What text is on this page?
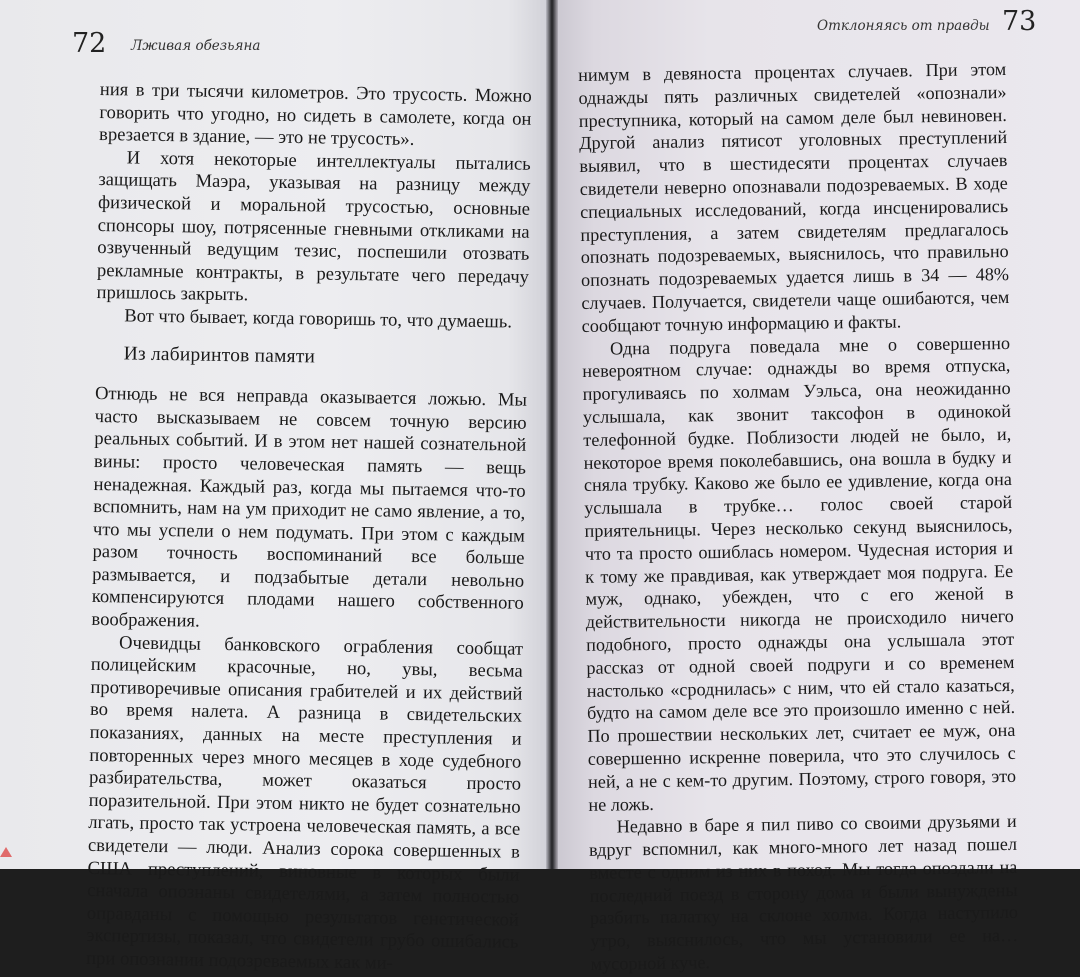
72 Лживая обезьяна

ния в три тысячи километров. Это трусость. Можно говорить что угодно, но сидеть в самолете, когда он врезается в здание, — это не трусость».

И хотя некоторые интеллектуалы пытались защищать Маэра, указывая на разницу между физической и моральной трусостью, основные спонсоры шоу, потрясенные гневными откликами на озвученный ведущим тезис, поспешили отозвать рекламные контракты, в результате чего передачу пришлось закрыть.

Вот что бывает, когда говоришь то, что думаешь.

Из лабиринтов памяти

Отнюдь не вся неправда оказывается ложью. Мы часто высказываем не совсем точную версию реальных событий. И в этом нет нашей сознательной вины: просто человеческая память — вещь ненадежная. Каждый раз, когда мы пытаемся что-то вспомнить, нам на ум приходит не само явление, а то, что мы успели о нем подумать. При этом с каждым разом точность воспоминаний все больше размывается, и подзабытые детали невольно компенсируются плодами нашего собственного воображения.

Очевидцы банковского ограбления сообщат полицейским красочные, но, увы, весьма противоречивые описания грабителей и их действий во время налета. А разница в свидетельских показаниях, данных на месте преступления и повторенных через много месяцев в ходе судебного разбирательства, может оказаться просто поразительной. При этом никто не будет сознательно лгать, просто так устроена человеческая память, а все свидетели — люди. Анализ сорока совершенных в США преступлений, виновные в которых были сначала опознаны свидетелями, а затем полностью оправданы с помощью результатов генетической экспертизы, показал, что свидетели грубо ошибались при опознании подозреваемых как ми-

Отклоняясь от правды 73

нимум в девяноста процентах случаев. При этом однажды пять различных свидетелей «опознали» преступника, который на самом деле был невиновен. Другой анализ пятисот уголовных преступлений выявил, что в шестидесяти процентах случаев свидетели неверно опознавали подозреваемых. В ходе специальных исследований, когда инсценировались преступления, а затем свидетелям предлагалось опознать подозреваемых, выяснилось, что правильно опознать подозреваемых удается лишь в 34 — 48% случаев. Получается, свидетели чаще ошибаются, чем сообщают точную информацию и факты.

Одна подруга поведала мне о совершенно невероятном случае: однажды во время отпуска, прогуливаясь по холмам Уэльса, она неожиданно услышала, как звонит таксофон в одинокой телефонной будке. Поблизости людей не было, и, некоторое время поколебавшись, она вошла в будку и сняла трубку. Каково же было ее удивление, когда она услышала в трубке… голос своей старой приятельницы. Через несколько секунд выяснилось, что та просто ошиблась номером. Чудесная история и к тому же правдивая, как утверждает моя подруга. Ее муж, однако, убежден, что с его женой в действительности никогда не происходило ничего подобного, просто однажды она услышала этот рассказ от одной своей подруги и со временем настолько «сроднилась» с ним, что ей стало казаться, будто на самом деле все это произошло именно с ней. По прошествии нескольких лет, считает ее муж, она совершенно искренне поверила, что это случилось с ней, а не с кем-то другим. Поэтому, строго говоря, это не ложь.

Недавно в баре я пил пиво со своими друзьями и вдруг вспомнил, как много-много лет назад пошел вместе с одним из них в поход. Мы тогда опоздали на последний поезд в сторону дома и были вынуждены разбить палатку на склоне холма. Когда наступило утро, выяснилось, что мы установили ее на… мусорной куче.
